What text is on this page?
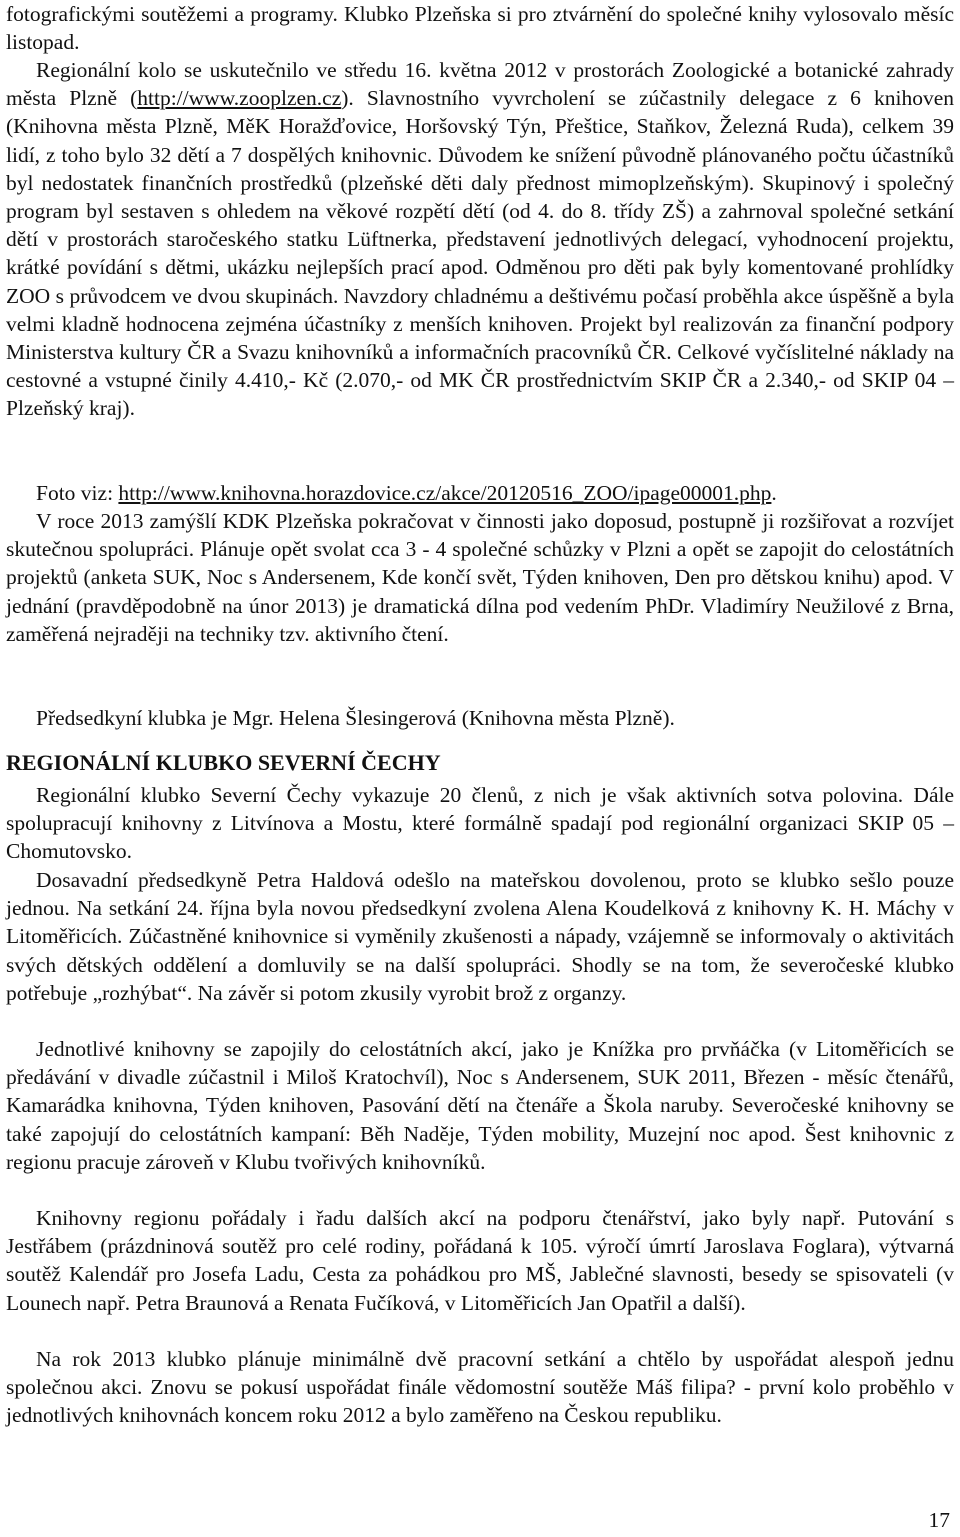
fotografickými soutěžemi a programy. Klubko Plzeňska si pro ztvárnění do společné knihy vylosovalo měsíc listopad.

Regionální kolo se uskutečnilo ve středu 16. května 2012 v prostorách Zoologické a botanické zahrady města Plzně (http://www.zooplzen.cz). Slavnostního vyvrcholení se zúčastnily delegace z 6 knihoven (Knihovna města Plzně, MěK Horažďovice, Horšovský Týn, Přeštice, Staňkov, Železná Ruda), celkem 39 lidí, z toho bylo 32 dětí a 7 dospělých knihovnic. Důvodem ke snížení původně plánovaného počtu účastníků byl nedostatek finančních prostředků (plzeňské děti daly přednost mimoplzeňským). Skupinový i společný program byl sestaven s ohledem na věkové rozpětí dětí (od 4. do 8. třídy ZŠ) a zahrnoval společné setkání dětí v prostorách staročeského statku Lüftnerka, představení jednotlivých delegací, vyhodnocení projektu, krátké povídání s dětmi, ukázku nejlepších prací apod. Odměnou pro děti pak byly komentované prohlídky ZOO s průvodcem ve dvou skupinách. Navzdory chladnému a deštivému počasí proběhla akce úspěšně a byla velmi kladně hodnocena zejména účastníky z menších knihoven. Projekt byl realizován za finanční podpory Ministerstva kultury ČR a Svazu knihovníků a informačních pracovníků ČR. Celkové vyčíslitelné náklady na cestovné a vstupné činily 4.410,- Kč (2.070,- od MK ČR prostřednictvím SKIP ČR a 2.340,- od SKIP 04 – Plzeňský kraj).

Foto viz: http://www.knihovna.horazdovice.cz/akce/20120516_ZOO/ipage00001.php.

V roce 2013 zamýšlí KDK Plzeňska pokračovat v činnosti jako doposud, postupně ji rozšiřovat a rozvíjet skutečnou spolupráci. Plánuje opět svolat cca 3 - 4 společné schůzky v Plzni a opět se zapojit do celostátních projektů (anketa SUK, Noc s Andersenem, Kde končí svět, Týden knihoven, Den pro dětskou knihu) apod. V jednání (pravděpodobně na únor 2013) je dramatická dílna pod vedením PhDr. Vladimíry Neužilové z Brna, zaměřená nejraději na techniky tzv. aktivního čtení.

Předsedkyní klubka je Mgr. Helena Šlesingerová (Knihovna města Plzně).

REGIONÁLNÍ KLUBKO SEVERNÍ ČECHY

Regionální klubko Severní Čechy vykazuje 20 členů, z nich je však aktivních sotva polovina. Dále spolupracují knihovny z Litvínova a Mostu, které formálně spadají pod regionální organizaci SKIP 05 – Chomutovsko.

Dosavadní předsedkyně Petra Haldová odešlo na mateřskou dovolenou, proto se klubko sešlo pouze jednou. Na setkání 24. října byla novou předsedkyní zvolena Alena Koudelková z knihovny K. H. Máchy v Litoměřicích. Zúčastněné knihovnice si vyměnily zkušenosti a nápady, vzájemně se informovaly o aktivitách svých dětských oddělení a domluvily se na další spolupráci. Shodly se na tom, že severočeské klubko potřebuje „rozhýbat“. Na závěr si potom zkusily vyrobit brož z organzy.

Jednotlivé knihovny se zapojily do celostátních akcí, jako je Knížka pro prvňáčka (v Litoměřicích se předávání v divadle zúčastnil i Miloš Kratochvíl), Noc s Andersenem, SUK 2011, Březen - měsíc čtenářů, Kamarádka knihovna, Týden knihoven, Pasování dětí na čtenáře a Škola naruby. Severočeské knihovny se také zapojují do celostátních kampaní: Běh Naděje, Týden mobility, Muzejní noc apod. Šest knihovnic z regionu pracuje zároveň v Klubu tvořivých knihovníků.

Knihovny regionu pořádaly i řadu dalších akcí na podporu čtenářství, jako byly např. Putování s Jestřábem (prázdninová soutěž pro celé rodiny, pořádaná k 105. výročí úmrtí Jaroslava Foglara), výtvarná soutěž Kalendář pro Josefa Ladu, Cesta za pohádkou pro MŠ, Jablečné slavnosti, besedy se spisovateli (v Lounech např. Petra Braunová a Renata Fučíková, v Litoměřicích Jan Opatřil a další).

Na rok 2013 klubko plánuje minimálně dvě pracovní setkání a chtělo by uspořádat alespoň jednu společnou akci. Znovu se pokusí uspořádat finále vědomostní soutěže Máš filipa? - první kolo proběhlo v jednotlivých knihovnách koncem roku 2012 a bylo zaměřeno na Českou republiku.

17
